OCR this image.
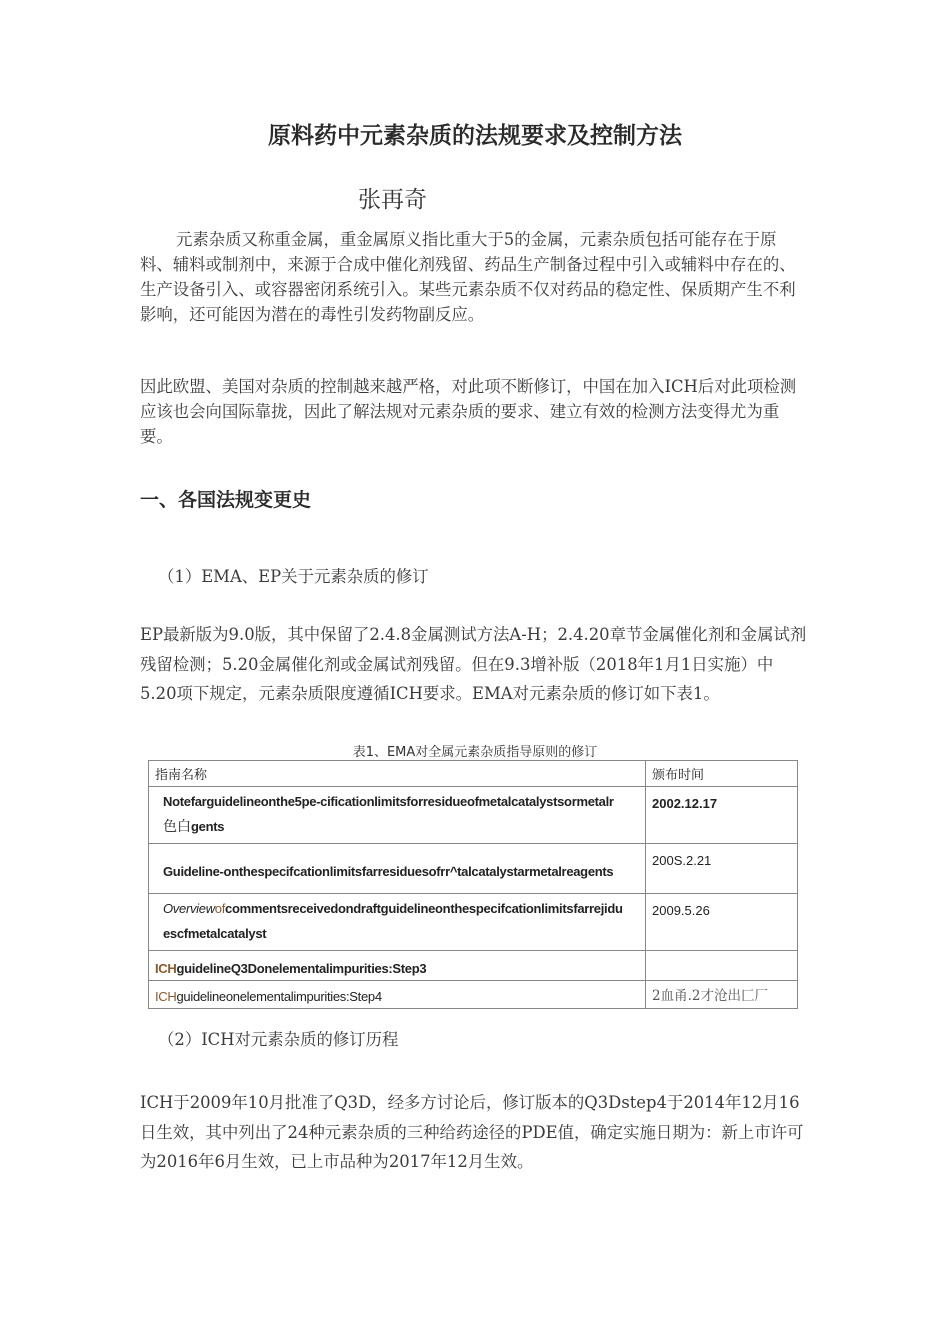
原料药中元素杂质的法规要求及控制方法
张再奇

元素杂质又称重金属，重金属原义指比重大于5的金属，元素杂质包括可能存在于原料、辅料或制剂中，来源于合成中催化剂残留、药品生产制备过程中引入或辅料中存在的、生产设备引入、或容器密闭系统引入。某些元素杂质不仅对药品的稳定性、保质期产生不利影响，还可能因为潜在的毒性引发药物副反应。

因此欧盟、美国对杂质的控制越来越严格，对此项不断修订，中国在加入ICH后对此项检测应该也会向国际靠拢，因此了解法规对元素杂质的要求、建立有效的检测方法变得尤为重要。

一、各国法规变更史
（1）EMA、EP关于元素杂质的修订

EP最新版为9.0版，其中保留了2.4.8金属测试方法A-H；2.4.20章节金属催化剂和金属试剂残留检测；5.20金属催化剂或金属试剂残留。但在9.3增补版（2018年1月1日实施）中5.20项下规定，元素杂质限度遵循ICH要求。EMA对元素杂质的修订如下表1。

表1、EMA对全属元素杂质指导原则的修订
指南名称	颁布时间

Notefarguidelineonthe5pe-cificationlimitsforresidueofmetalcatalystsormetalr
色白gents	2002.12.17

Guideline-onthespecifcationlimitsfarresiduesofrr^talcatalystarmetalreagents	200S.2.21

Overviewofcommentsreceivedondraftguidelineonthespecifcationlimitsfarrejidu
escfmetalcatalyst	2009.5.26

ICHguidelineQ3Donelementalimpurities:Step3	

ICHguidelineonelementalimpurities:Step4	2血甬.2才沧出匚厂
（2）ICH对元素杂质的修订历程

ICH于2009年10月批准了Q3D，经多方讨论后，修订版本的Q3Dstep4于2014年12月16日生效，其中列出了24种元素杂质的三种给药途径的PDE值，确定实施日期为：新上市许可为2016年6月生效，已上市品种为2017年12月生效。
